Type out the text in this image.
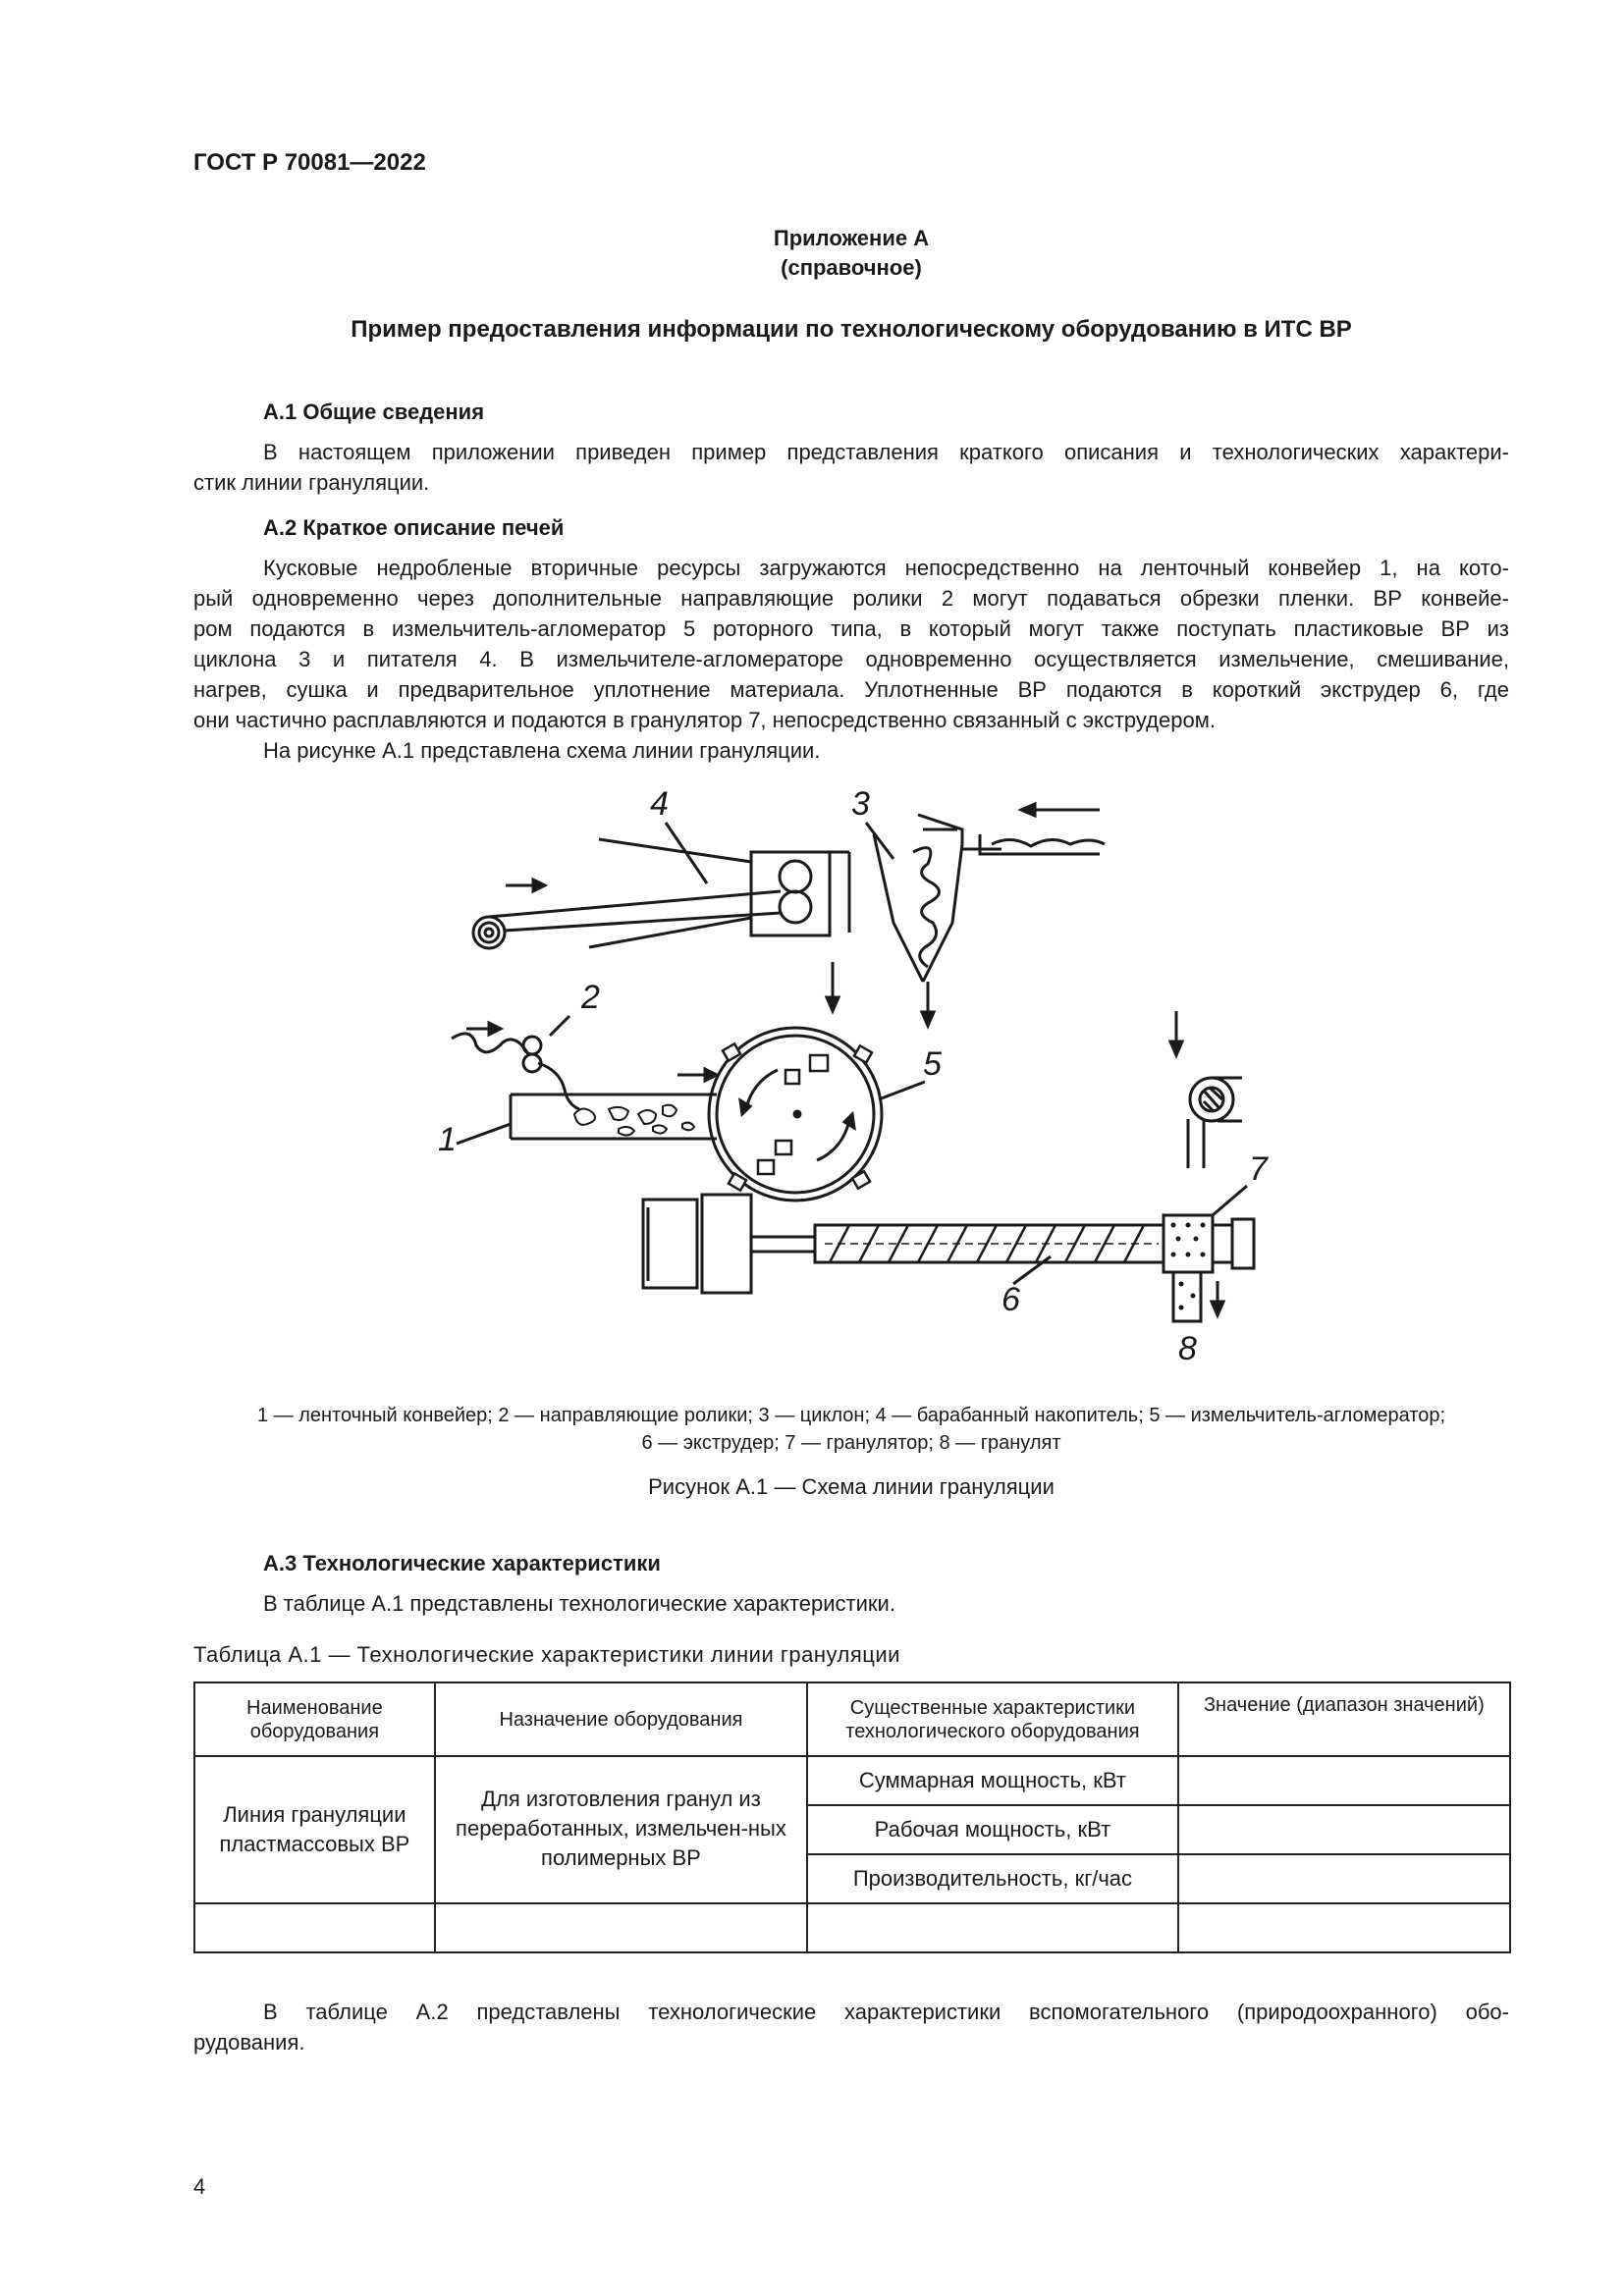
ГОСТ Р 70081—2022
Приложение А
(справочное)
Пример предоставления информации по технологическому оборудованию в ИТС ВР
А.1 Общие сведения
В настоящем приложении приведен пример представления краткого описания и технологических характери-
стик линии грануляции.
А.2 Краткое описание печей
Кусковые недробленые вторичные ресурсы загружаются непосредственно на ленточный конвейер 1, на кото-
рый одновременно через дополнительные направляющие ролики 2 могут подаваться обрезки пленки. ВР конвейе-
ром подаются в измельчитель-агломератор 5 роторного типа, в который могут также поступать пластиковые ВР из
циклона 3 и питателя 4. В измельчителе-агломераторе одновременно осуществляется измельчение, смешивание,
нагрев, сушка и предварительное уплотнение материала. Уплотненные ВР подаются в короткий экструдер 6, где
они частично расплавляются и подаются в гранулятор 7, непосредственно связанный с экструдером.
На рисунке А.1 представлена схема линии грануляции.
4	3
2
1
5
6
7
8
1 — ленточный конвейер; 2 — направляющие ролики; 3 — циклон; 4 — барабанный накопитель; 5 — измельчитель-агломератор;
6 — экструдер; 7 — гранулятор; 8 — гранулят
Рисунок А.1 — Схема линии грануляции
А.3 Технологические характеристики
В таблице А.1 представлены технологические характеристики.
Таблица А.1 — Технологические характеристики линии грануляции
Наименование оборудования	Назначение оборудования	Существенные характеристики технологического оборудования	Значение (диапазон значений)
Линия грануляции пластмассовых ВР	Для изготовления гранул из переработанных, измельчен-ных полимерных ВР	Суммарная мощность, кВт	
		Рабочая мощность, кВт	
		Производительность, кг/час	

В таблице А.2 представлены технологические характеристики вспомогательного (природоохранного) обо-
рудования.
4
